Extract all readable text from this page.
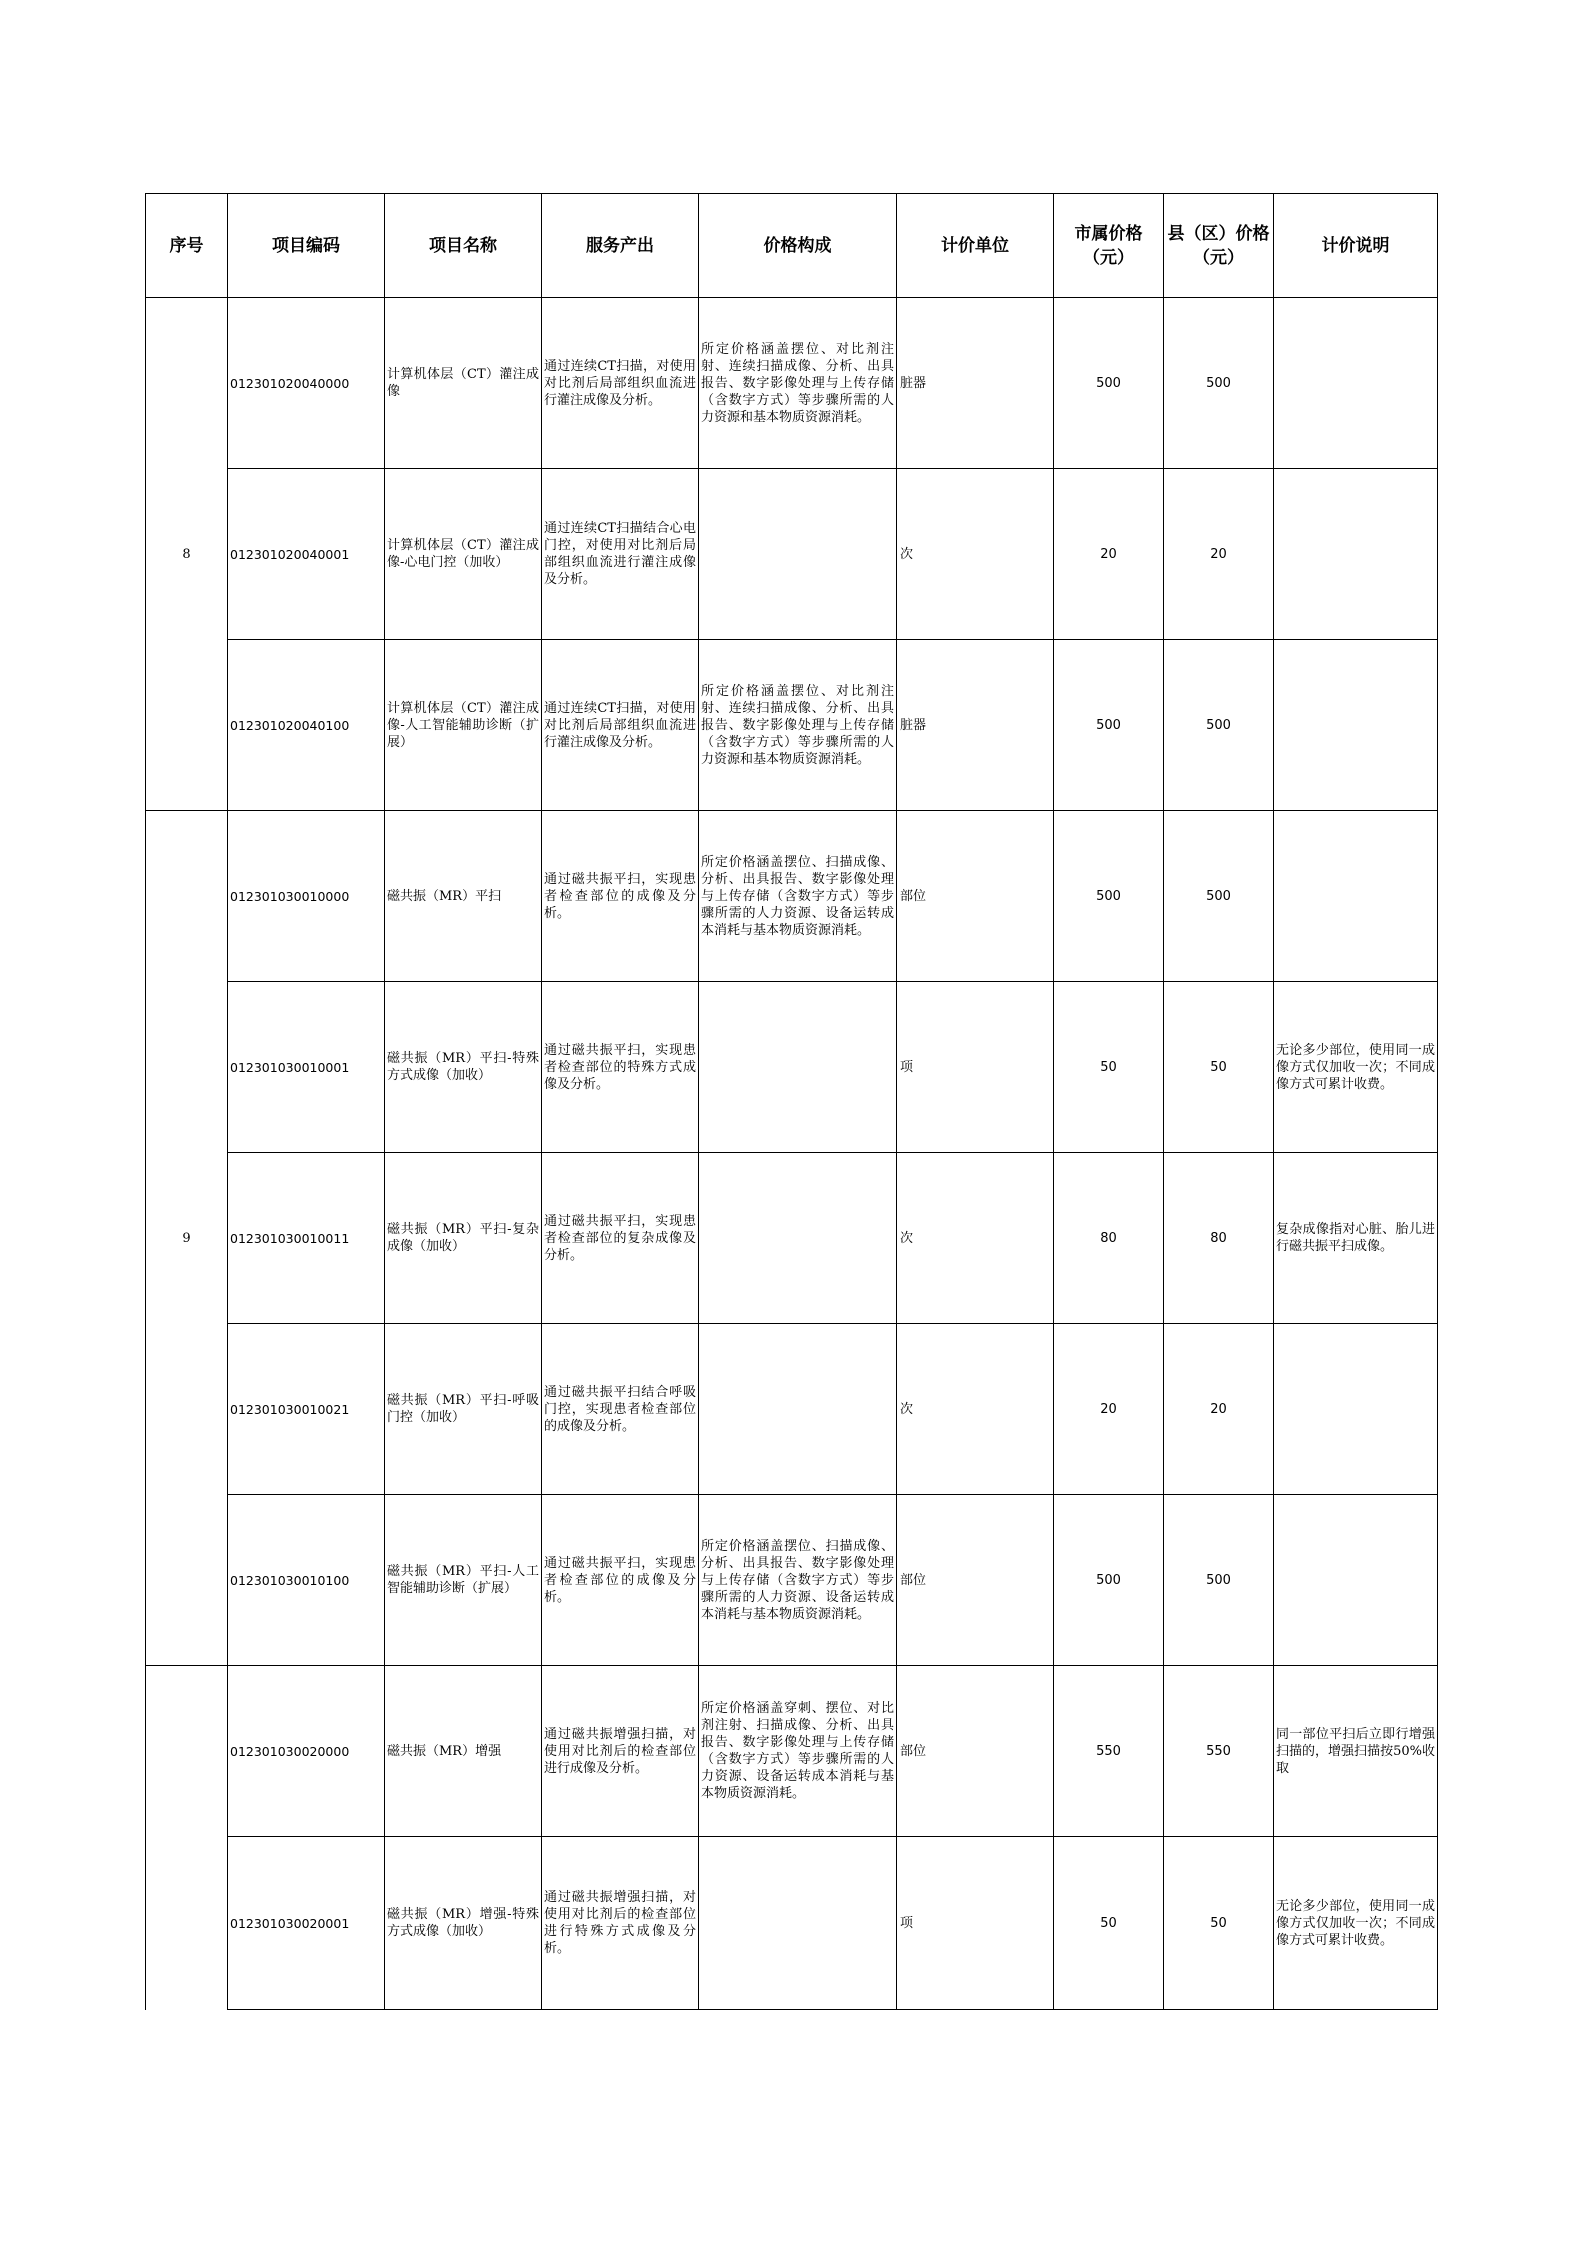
序号	项目编码	项目名称	服务产出	价格构成	计价单位	市属价格（元）	县（区）价格（元）	计价说明
8	012301020040000	计算机体层（CT）灌注成像	通过连续CT扫描，对使用对比剂后局部组织血流进行灌注成像及分析。	所定价格涵盖摆位、对比剂注射、连续扫描成像、分析、出具报告、数字影像处理与上传存储（含数字方式）等步骤所需的人力资源和基本物质资源消耗。	脏器	500	500	
	012301020040001	计算机体层（CT）灌注成像-心电门控（加收）	通过连续CT扫描结合心电门控，对使用对比剂后局部组织血流进行灌注成像及分析。		次	20	20	
	012301020040100	计算机体层（CT）灌注成像-人工智能辅助诊断（扩展）	通过连续CT扫描，对使用对比剂后局部组织血流进行灌注成像及分析。	所定价格涵盖摆位、对比剂注射、连续扫描成像、分析、出具报告、数字影像处理与上传存储（含数字方式）等步骤所需的人力资源和基本物质资源消耗。	脏器	500	500	
9	012301030010000	磁共振（MR）平扫	通过磁共振平扫，实现患者检查部位的成像及分析。	所定价格涵盖摆位、扫描成像、分析、出具报告、数字影像处理与上传存储（含数字方式）等步骤所需的人力资源、设备运转成本消耗与基本物质资源消耗。	部位	500	500	
	012301030010001	磁共振（MR）平扫-特殊方式成像（加收）	通过磁共振平扫，实现患者检查部位的特殊方式成像及分析。		项	50	50	无论多少部位，使用同一成像方式仅加收一次；不同成像方式可累计收费。
	012301030010011	磁共振（MR）平扫-复杂成像（加收）	通过磁共振平扫，实现患者检查部位的复杂成像及分析。		次	80	80	复杂成像指对心脏、胎儿进行磁共振平扫成像。
	012301030010021	磁共振（MR）平扫-呼吸门控（加收）	通过磁共振平扫结合呼吸门控，实现患者检查部位的成像及分析。		次	20	20	
	012301030010100	磁共振（MR）平扫-人工智能辅助诊断（扩展）	通过磁共振平扫，实现患者检查部位的成像及分析。	所定价格涵盖摆位、扫描成像、分析、出具报告、数字影像处理与上传存储（含数字方式）等步骤所需的人力资源、设备运转成本消耗与基本物质资源消耗。	部位	500	500	
	012301030020000	磁共振（MR）增强	通过磁共振增强扫描，对使用对比剂后的检查部位进行成像及分析。	所定价格涵盖穿刺、摆位、对比剂注射、扫描成像、分析、出具报告、数字影像处理与上传存储（含数字方式）等步骤所需的人力资源、设备运转成本消耗与基本物质资源消耗。	部位	550	550	同一部位平扫后立即行增强扫描的，增强扫描按50%收取
	012301030020001	磁共振（MR）增强-特殊方式成像（加收）	通过磁共振增强扫描，对使用对比剂后的检查部位进行特殊方式成像及分析。		项	50	50	无论多少部位，使用同一成像方式仅加收一次；不同成像方式可累计收费。
